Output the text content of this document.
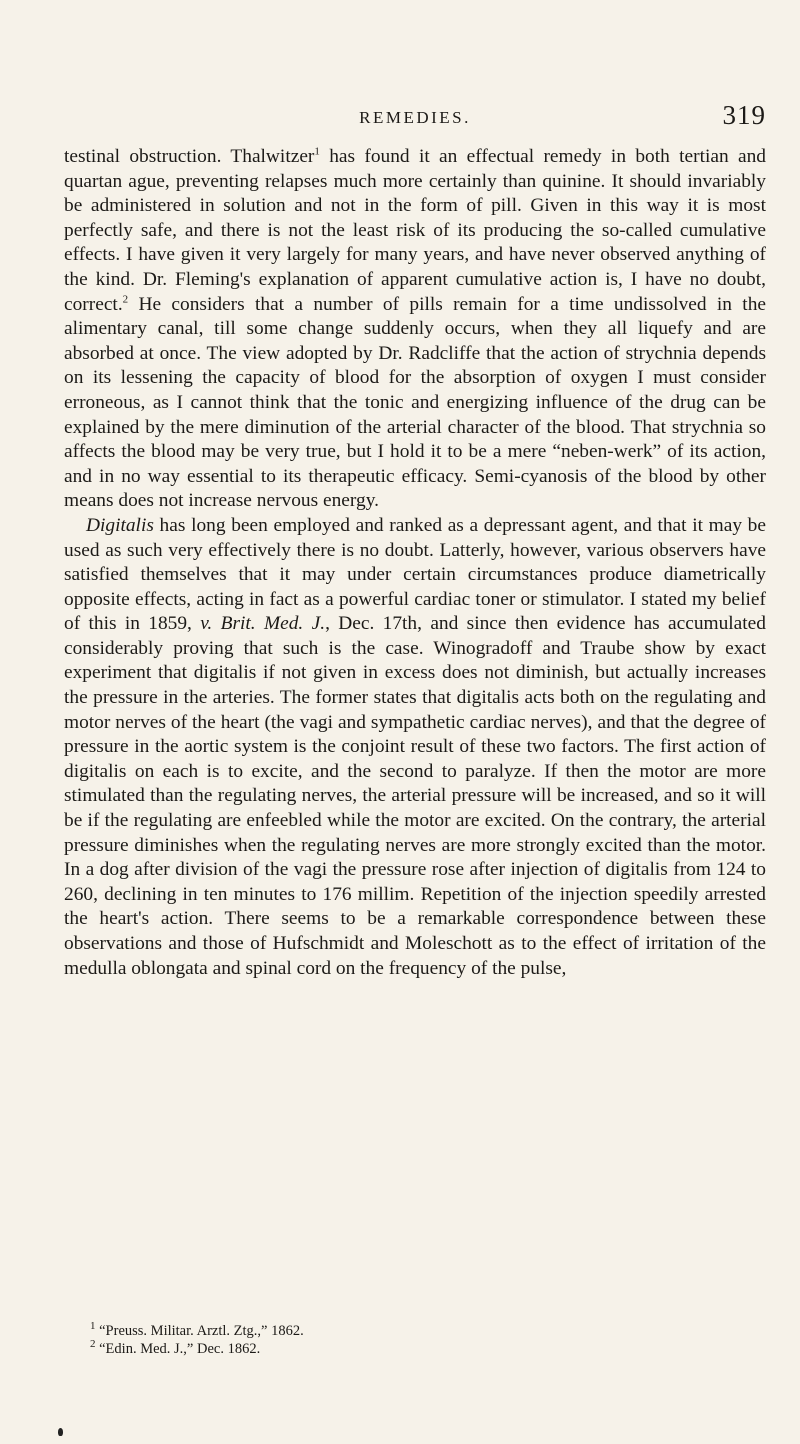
REMEDIES.	319

testinal obstruction. Thalwitzer$^1$ has found it an effectual remedy in both tertian and quartan ague, preventing relapses much more certainly than quinine. It should invariably be administered in solution and not in the form of pill. Given in this way it is most perfectly safe, and there is not the least risk of its producing the so-called cumulative effects. I have given it very largely for many years, and have never observed anything of the kind. Dr. Fleming's explanation of apparent cumulative action is, I have no doubt, correct.$^2$ He considers that a number of pills remain for a time undissolved in the alimentary canal, till some change suddenly occurs, when they all liquefy and are absorbed at once. The view adopted by Dr. Radcliffe that the action of strychnia depends on its lessening the capacity of blood for the absorption of oxygen I must consider erroneous, as I cannot think that the tonic and energizing influence of the drug can be explained by the mere diminution of the arterial character of the blood. That strychnia so affects the blood may be very true, but I hold it to be a mere “neben-werk” of its action, and in no way essential to its therapeutic efficacy. Semi-cyanosis of the blood by other means does not increase nervous energy.

Digitalis has long been employed and ranked as a depressant agent, and that it may be used as such very effectively there is no doubt. Latterly, however, various observers have satisfied themselves that it may under certain circumstances produce diametrically opposite effects, acting in fact as a powerful cardiac toner or stimulator. I stated my belief of this in 1859, v. Brit. Med. J., Dec. 17th, and since then evidence has accumulated considerably proving that such is the case. Winogradoff and Traube show by exact experiment that digitalis if not given in excess does not diminish, but actually increases the pressure in the arteries. The former states that digitalis acts both on the regulating and motor nerves of the heart (the vagi and sympathetic cardiac nerves), and that the degree of pressure in the aortic system is the conjoint result of these two factors. The first action of digitalis on each is to excite, and the second to paralyze. If then the motor are more stimulated than the regulating nerves, the arterial pressure will be increased, and so it will be if the regulating are enfeebled while the motor are excited. On the contrary, the arterial pressure diminishes when the regulating nerves are more strongly excited than the motor. In a dog after division of the vagi the pressure rose after injection of digitalis from 124 to 260, declining in ten minutes to 176 millim. Repetition of the injection speedily arrested the heart's action. There seems to be a remarkable correspondence between these observations and those of Hufschmidt and Moleschott as to the effect of irritation of the medulla oblongata and spinal cord on the frequency of the pulse,

$^1$ “Preuss. Militar. Arztl. Ztg.,” 1862.

$^2$ “Edin. Med. J.,” Dec. 1862.
